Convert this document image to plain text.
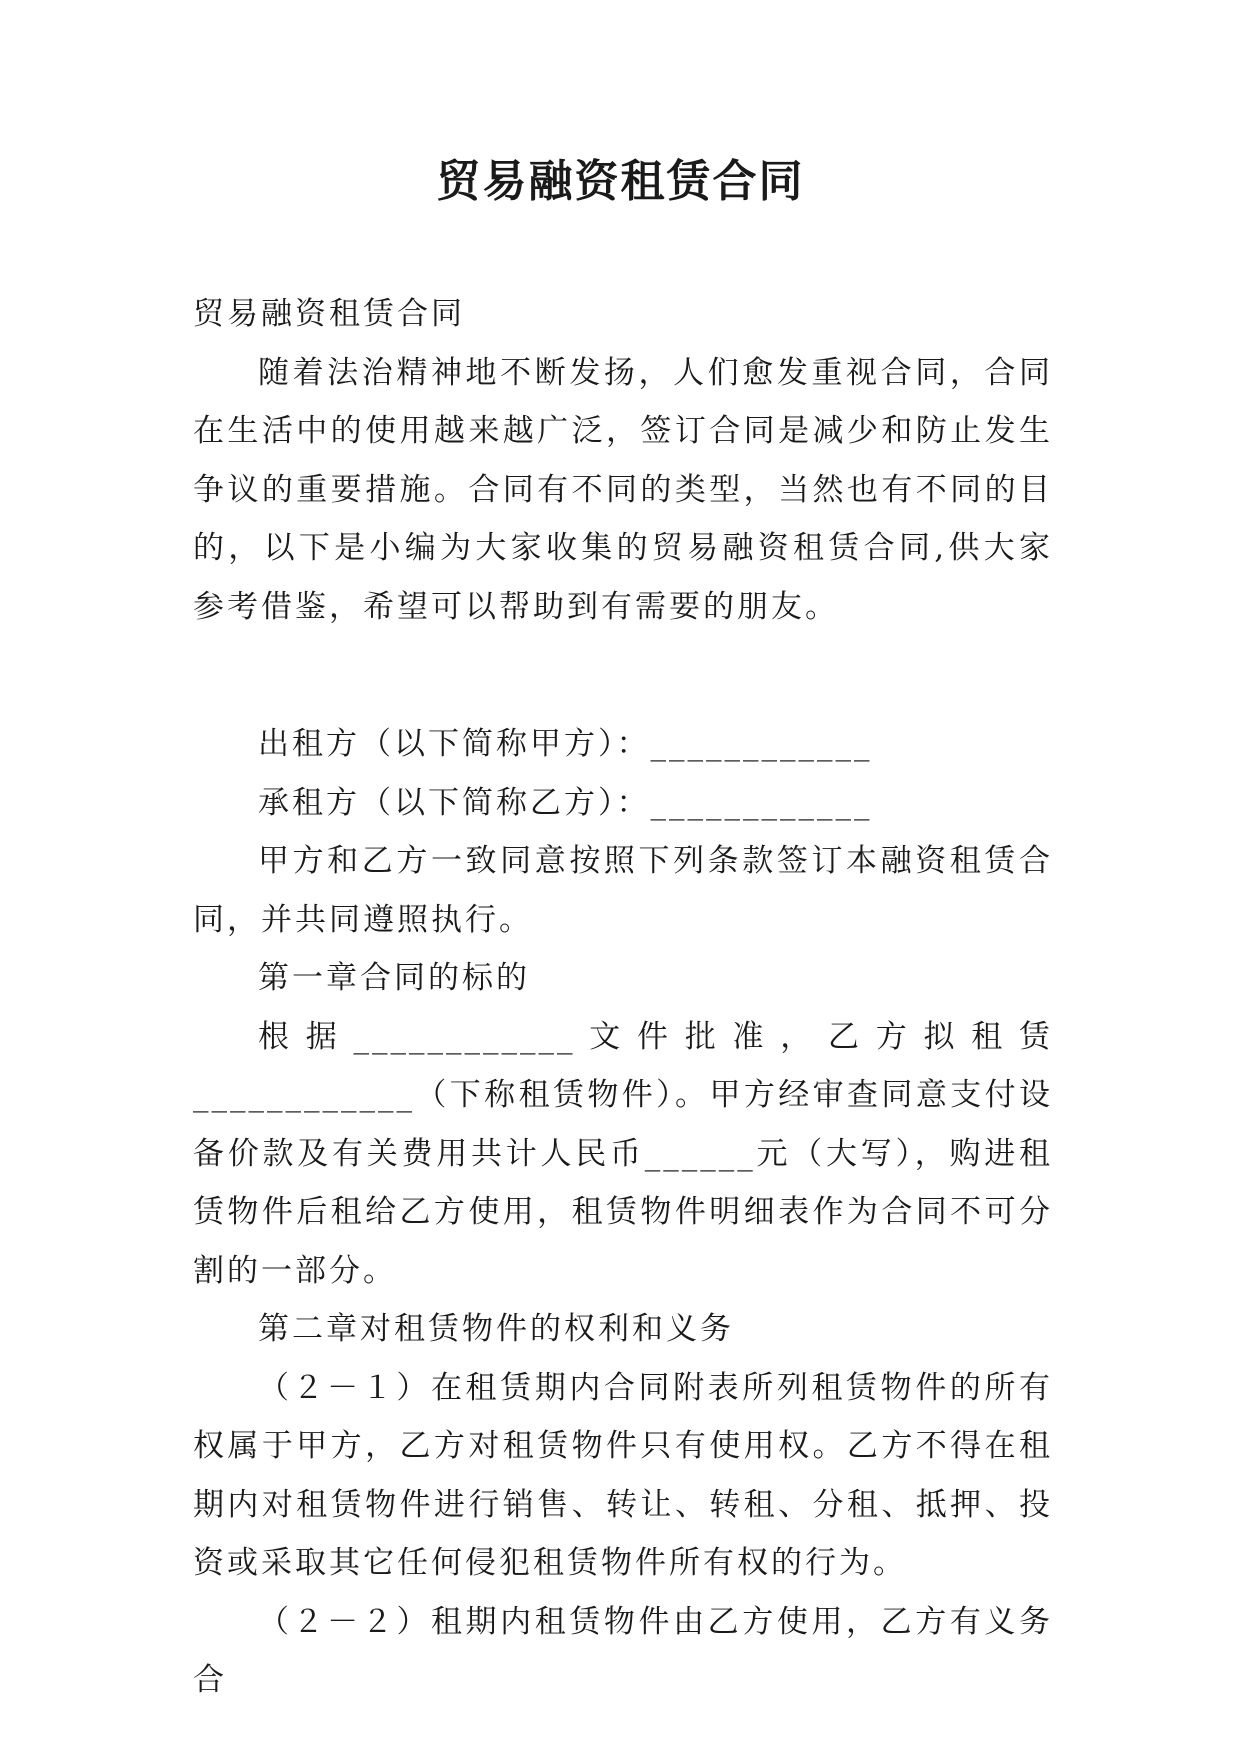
贸易融资租赁合同

贸易融资租赁合同

随着法治精神地不断发扬，人们愈发重视合同，合同在生活中的使用越来越广泛，签订合同是减少和防止发生争议的重要措施。合同有不同的类型，当然也有不同的目的，以下是小编为大家收集的贸易融资租赁合同,供大家参考借鉴，希望可以帮助到有需要的朋友。

出租方（以下简称甲方）：____________

承租方（以下简称乙方）：____________

甲方和乙方一致同意按照下列条款签订本融资租赁合同，并共同遵照执行。

第一章合同的标的

根据____________文件批准，乙方拟租赁____________（下称租赁物件）。甲方经审查同意支付设备价款及有关费用共计人民币______元（大写），购进租赁物件后租给乙方使用，租赁物件明细表作为合同不可分割的一部分。

第二章对租赁物件的权利和义务

（２－１）在租赁期内合同附表所列租赁物件的所有权属于甲方，乙方对租赁物件只有使用权。乙方不得在租期内对租赁物件进行销售、转让、转租、分租、抵押、投资或采取其它任何侵犯租赁物件所有权的行为。

（２－２）租期内租赁物件由乙方使用，乙方有义务合
